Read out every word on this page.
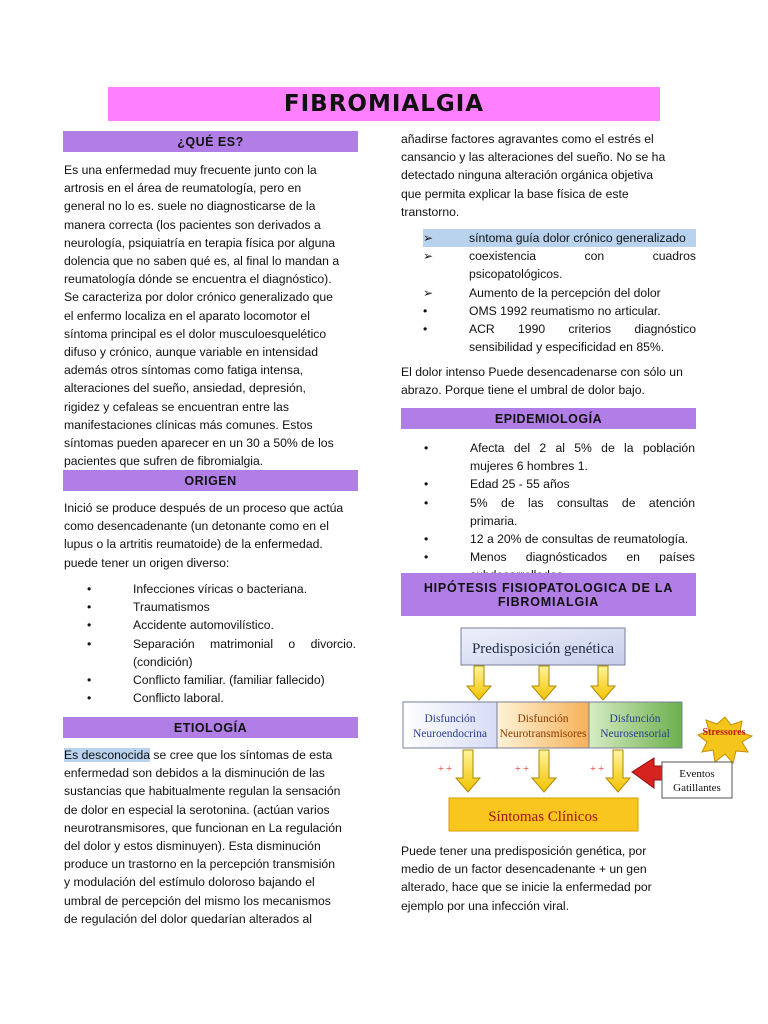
FIBROMIALGIA
¿QUÉ ES?
Es una enfermedad muy frecuente junto con la
artrosis en el área de reumatología, pero en
general no lo es. suele no diagnosticarse de la
manera correcta (los pacientes son derivados a
neurología, psiquiatría en terapia física por alguna
dolencia que no saben qué es, al final lo mandan a
reumatología dónde se encuentra el diagnóstico).
Se caracteriza por dolor crónico generalizado que
el enfermo localiza en el aparato locomotor el
síntoma principal es el dolor musculoesquelético
difuso y crónico, aunque variable en intensidad
además otros síntomas como fatiga intensa,
alteraciones del sueño, ansiedad, depresión,
rigidez y cefaleas se encuentran entre las
manifestaciones clínicas más comunes. Estos
síntomas pueden aparecer en un 30 a 50% de los
pacientes que sufren de fibromialgia.
ORIGEN
Inició se produce después de un proceso que actúa
como desencadenante (un detonante como en el
lupus o la artritis reumatoide) de la enfermedad.
puede tener un origen diverso:
•	Infecciones víricas o bacteriana.
•	Traumatismos
•	Accidente automovilístico.
•	Separación matrimonial o divorcio. (condición)
•	Conflicto familiar. (familiar fallecido)
•	Conflicto laboral.
ETIOLOGÍA
Es desconocida se cree que los síntomas de esta
enfermedad son debidos a la disminución de las
sustancias que habitualmente regulan la sensación
de dolor en especial la serotonina. (actúan varios
neurotransmisores, que funcionan en La regulación
del dolor y estos disminuyen). Esta disminución
produce un trastorno en la percepción transmisión
y modulación del estímulo doloroso bajando el
umbral de percepción del mismo los mecanismos
de regulación del dolor quedarían alterados al
añadirse factores agravantes como el estrés el
cansancio y las alteraciones del sueño. No se ha
detectado ninguna alteración orgánica objetiva
que permita explicar la base física de este
transtorno.
➢	síntoma guía dolor crónico generalizado
➢	coexistencia con cuadros psicopatológicos.
➢	Aumento de la percepción del dolor
•	OMS 1992 reumatismo no articular.
•	ACR 1990 criterios diagnóstico sensibilidad y especificidad en 85%.
El dolor intenso Puede desencadenarse con sólo un
abrazo. Porque tiene el umbral de dolor bajo.
EPIDEMIOLOGÍA
•	Afecta del 2 al 5% de la población mujeres 6 hombres 1.
•	Edad 25 - 55 años
•	5% de las consultas de atención primaria.
•	12 a 20% de consultas de reumatología.
•	Menos diagnósticados en países
HIPÓTESIS FISIOPATOLOGICA DE LA
FIBROMIALGIA
Predisposición genética
Disfunción
Neuroendocrina
Disfunción
Neurotransmisores
Disfunción
Neurosensorial
+ +	+ +	+ +
Síntomas Clínicos
Stressores
Eventos
Gatillantes
Puede tener una predisposición genética, por
medio de un factor desencadenante + un gen
alterado, hace que se inicie la enfermedad por
ejemplo por una infección viral.
